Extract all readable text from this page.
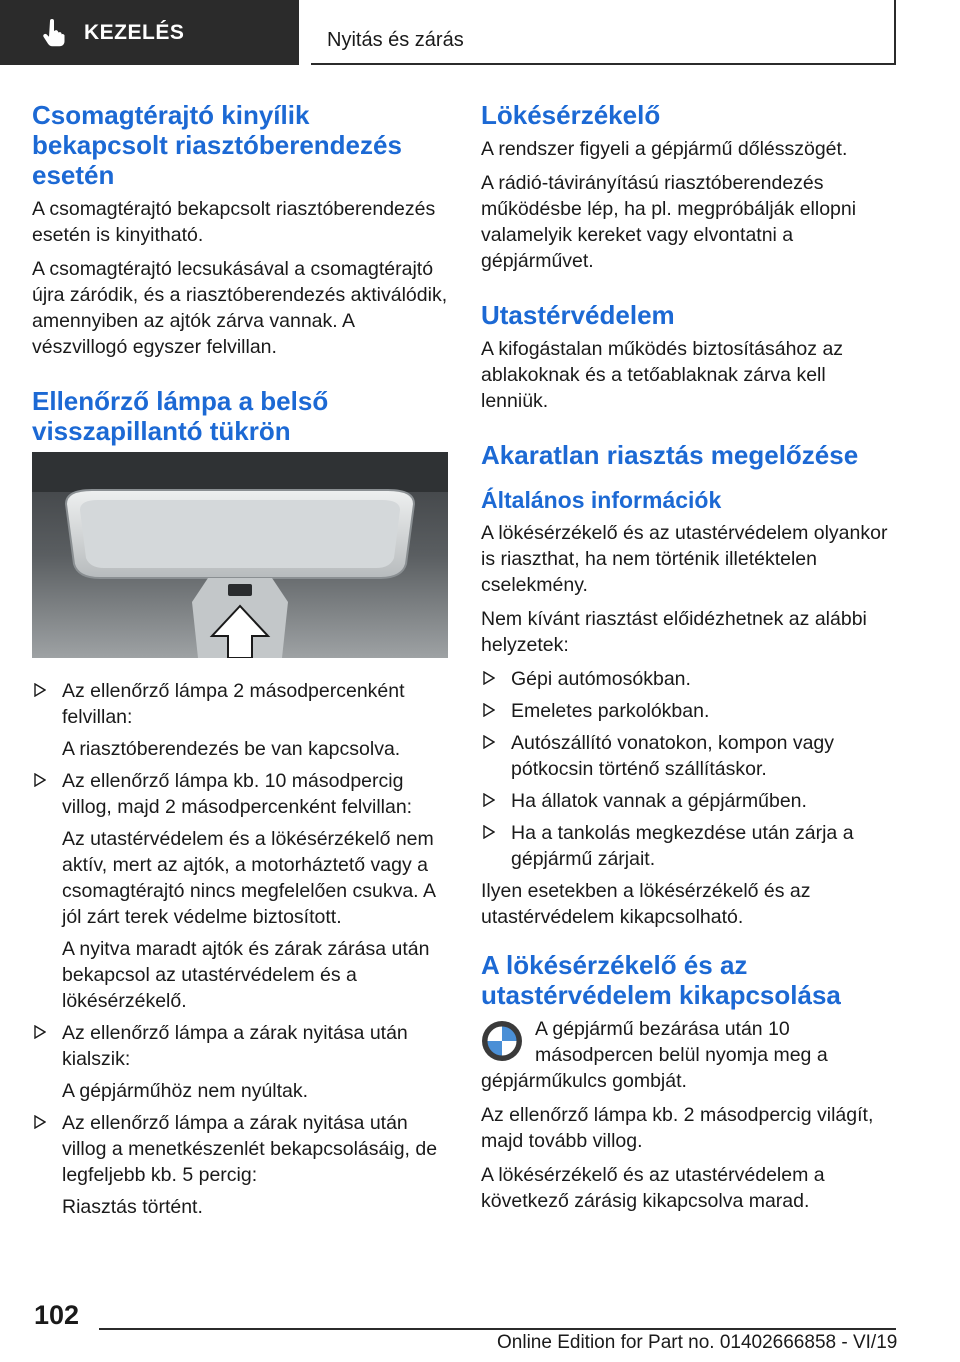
KEZELÉS	Nyitás és zárás
Csomagtérajtó kinyílik bekapcsolt riasztóberendezés esetén

A csomagtérajtó bekapcsolt riasztóberendezés esetén is kinyitható.

A csomagtérajtó lecsukásával a csomagtérajtó újra záródik, és a riasztóberendezés aktiválódik, amennyiben az ajtók zárva vannak. A vészvillogó egyszer felvillan.

Ellenőrző lámpa a belső visszapillantó tükrön

Az ellenőrző lámpa 2 másodpercenként felvillan:

A riasztóberendezés be van kapcsolva.

Az ellenőrző lámpa kb. 10 másodpercig villog, majd 2 másodpercenként felvillan:

Az utastérvédelem és a lökésérzékelő nem aktív, mert az ajtók, a motorháztető vagy a csomagtérajtó nincs megfelelően csukva. A jól zárt terek védelme biztosított.

A nyitva maradt ajtók és zárak zárása után bekapcsol az utastérvédelem és a lökésérzékelő.

Az ellenőrző lámpa a zárak nyitása után kialszik:

A gépjárműhöz nem nyúltak.

Az ellenőrző lámpa a zárak nyitása után villog a menetkészenlét bekapcsolásáig, de legfeljebb kb. 5 percig:

Riasztás történt.

Lökésérzékelő

A rendszer figyeli a gépjármű dőlésszögét.

A rádió-távirányítású riasztóberendezés működésbe lép, ha pl. megpróbálják ellopni valamelyik kereket vagy elvontatni a gépjárművet.

Utastérvédelem

A kifogástalan működés biztosításához az ablakoknak és a tetőablaknak zárva kell lenniük.

Akaratlan riasztás megelőzése
Általános információk

A lökésérzékelő és az utastérvédelem olyankor is riaszthat, ha nem történik illetéktelen cselekmény.

Nem kívánt riasztást előidézhetnek az alábbi helyzetek:

Gépi autómosókban.

Emeletes parkolókban.

Autószállító vonatokon, kompon vagy pótkocsin történő szállításkor.

Ha állatok vannak a gépjárműben.

Ha a tankolás megkezdése után zárja a gépjármű zárjait.

Ilyen esetekben a lökésérzékelő és az utastérvédelem kikapcsolható.

A lökésérzékelő és az utastérvédelem kikapcsolása

A gépjármű bezárása után 10 másodpercen belül nyomja meg a gépjárműkulcs gombját.

Az ellenőrző lámpa kb. 2 másodpercig világít, majd tovább villog.

A lökésérzékelő és az utastérvédelem a következő zárásig kikapcsolva marad.

102
Online Edition for Part no. 01402666858 - VI/19
